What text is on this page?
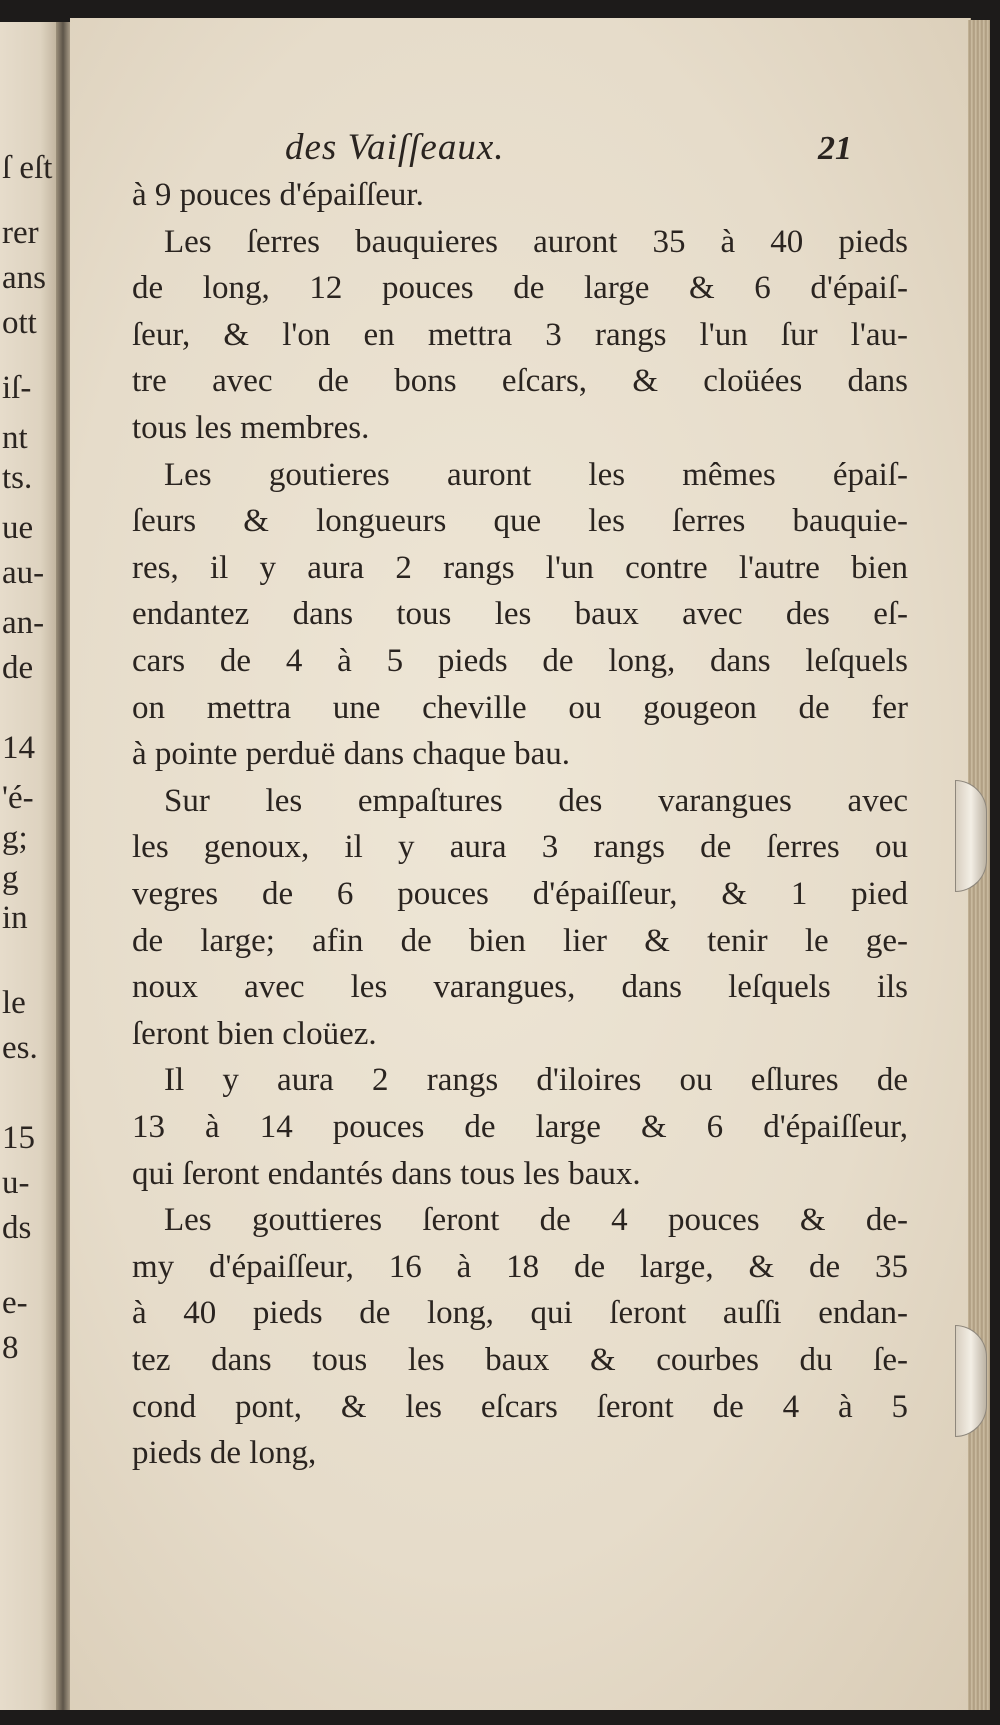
ſ eſt
rer
ans
ott
iſ-
nt
ts.
ue
au-
an-
de
14
'é-
g;
g
in
le
es.
15
u-
ds
e-
8
des Vaiſſeaux.	21
à 9 pouces d'épaiſſeur.
Les ſerres bauquieres auront 35 à 40 pieds
de long, 12 pouces de large & 6 d'épaiſ-
ſeur, & l'on en mettra 3 rangs l'un ſur l'au-
tre avec de bons eſcars, & cloüées dans
tous les membres.
Les goutieres auront les mêmes épaiſ-
ſeurs & longueurs que les ſerres bauquie-
res, il y aura 2 rangs l'un contre l'autre bien
endantez dans tous les baux avec des eſ-
cars de 4 à 5 pieds de long, dans leſquels
on mettra une cheville ou gougeon de fer
à pointe perduë dans chaque bau.
Sur les empaſtures des varangues avec
les genoux, il y aura 3 rangs de ſerres ou
vegres de 6 pouces d'épaiſſeur, & 1 pied
de large; afin de bien lier & tenir le ge-
noux avec les varangues, dans leſquels ils
ſeront bien cloüez.
Il y aura 2 rangs d'iloires ou eſlures de
13 à 14 pouces de large & 6 d'épaiſſeur,
qui ſeront endantés dans tous les baux.
Les gouttieres ſeront de 4 pouces & de-
my d'épaiſſeur, 16 à 18 de large, & de 35
à 40 pieds de long, qui ſeront auſſi endan-
tez dans tous les baux & courbes du ſe-
cond pont, & les eſcars ſeront de 4 à 5
pieds de long,
